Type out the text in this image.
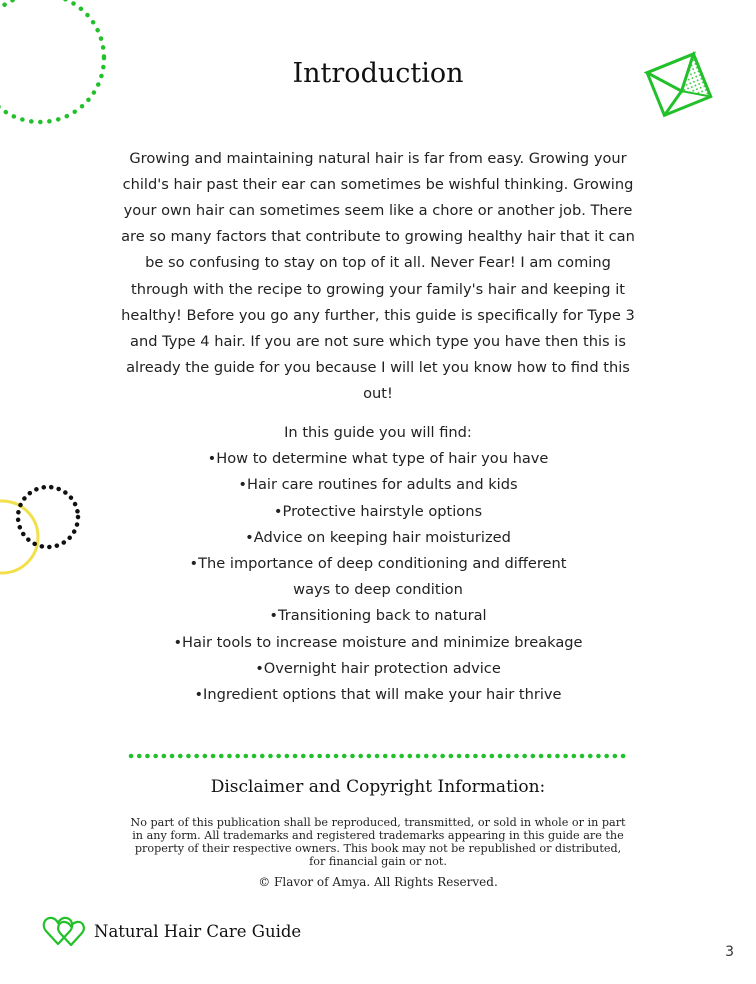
Introduction

Growing and maintaining natural hair is far from easy. Growing your child's hair past their ear can sometimes be wishful thinking. Growing your own hair can sometimes seem like a chore or another job. There are so many factors that contribute to growing healthy hair that it can be so confusing to stay on top of it all. Never Fear! I am coming through with the recipe to growing your family's hair and keeping it healthy! Before you go any further, this guide is specifically for Type 3 and Type 4 hair. If you are not sure which type you have then this is already the guide for you because I will let you know how to find this out!

In this guide you will find:
•How to determine what type of hair you have
•Hair care routines for adults and kids
•Protective hairstyle options
•Advice on keeping hair moisturized
•The importance of deep conditioning and different ways to deep condition
•Transitioning back to natural
•Hair tools to increase moisture and minimize breakage
•Overnight hair protection advice
•Ingredient options that will make your hair thrive
Disclaimer and Copyright Information:

No part of this publication shall be reproduced, transmitted, or sold in whole or in part in any form. All trademarks and registered trademarks appearing in this guide are the property of their respective owners. This book may not be republished or distributed, for financial gain or not.

© Flavor of Amya. All Rights Reserved.
Natural Hair Care Guide
3
